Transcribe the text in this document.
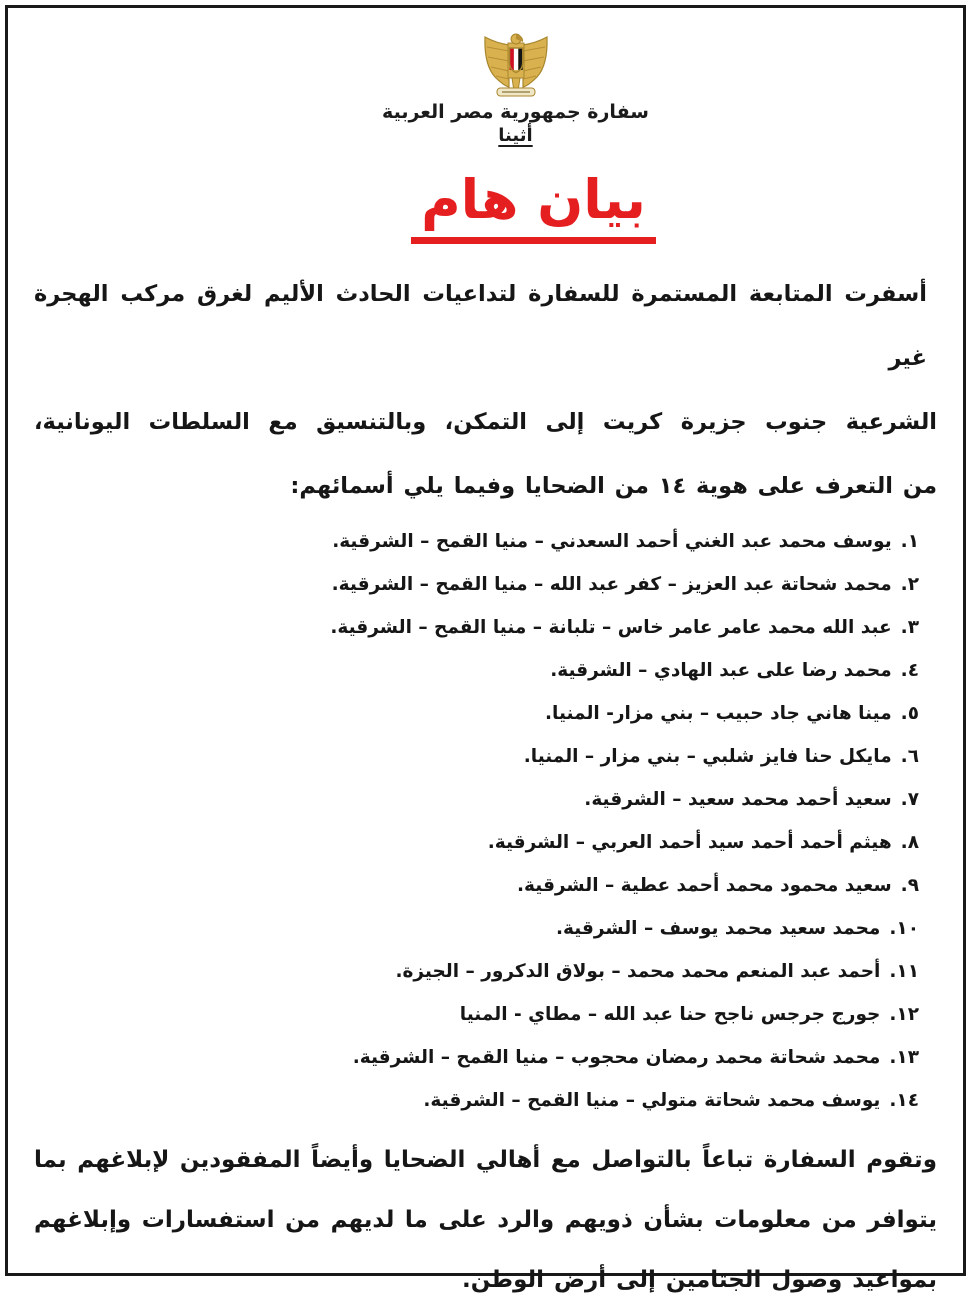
سفارة جمهورية مصر العربية
أثينا
بيان هام
أسفرت المتابعة المستمرة للسفارة لتداعيات الحادث الأليم لغرق مركب الهجرة غير
الشرعية جنوب جزيرة كريت إلى التمكن، وبالتنسيق مع السلطات اليونانية،
من التعرف على هوية ١٤ من الضحايا وفيما يلي أسمائهم:
١.يوسف محمد عبد الغني أحمد السعدني – منيا القمح – الشرقية.
٢.محمد شحاتة عبد العزيز – كفر عبد الله – منيا القمح – الشرقية.
٣.عبد الله محمد عامر عامر خاس – تلبانة – منيا القمح – الشرقية.
٤.محمد رضا على عبد الهادي – الشرقية.
٥.مينا هاني جاد حبيب – بني مزار- المنيا.
٦.مايكل حنا فايز شلبي – بني مزار – المنيا.
٧.سعيد أحمد محمد سعيد – الشرقية.
٨.هيثم أحمد أحمد سيد أحمد العربي – الشرقية.
٩.سعيد محمود محمد أحمد عطية – الشرقية.
١٠.محمد سعيد محمد يوسف – الشرقية.
١١.أحمد عبد المنعم محمد محمد – بولاق الدكرور – الجيزة.
١٢.جورج جرجس ناجح حنا عبد الله – مطاي - المنيا
١٣.محمد شحاتة محمد رمضان محجوب – منيا القمح – الشرقية.
١٤.يوسف محمد شحاتة متولي – منيا القمح – الشرقية.
وتقوم السفارة تباعاً بالتواصل مع أهالي الضحايا وأيضاً المفقودين لإبلاغهم بما
يتوافر من معلومات بشأن ذويهم والرد على ما لديهم من استفسارات وإبلاغهم
بمواعيد وصول الجثامين إلى أرض الوطن.
